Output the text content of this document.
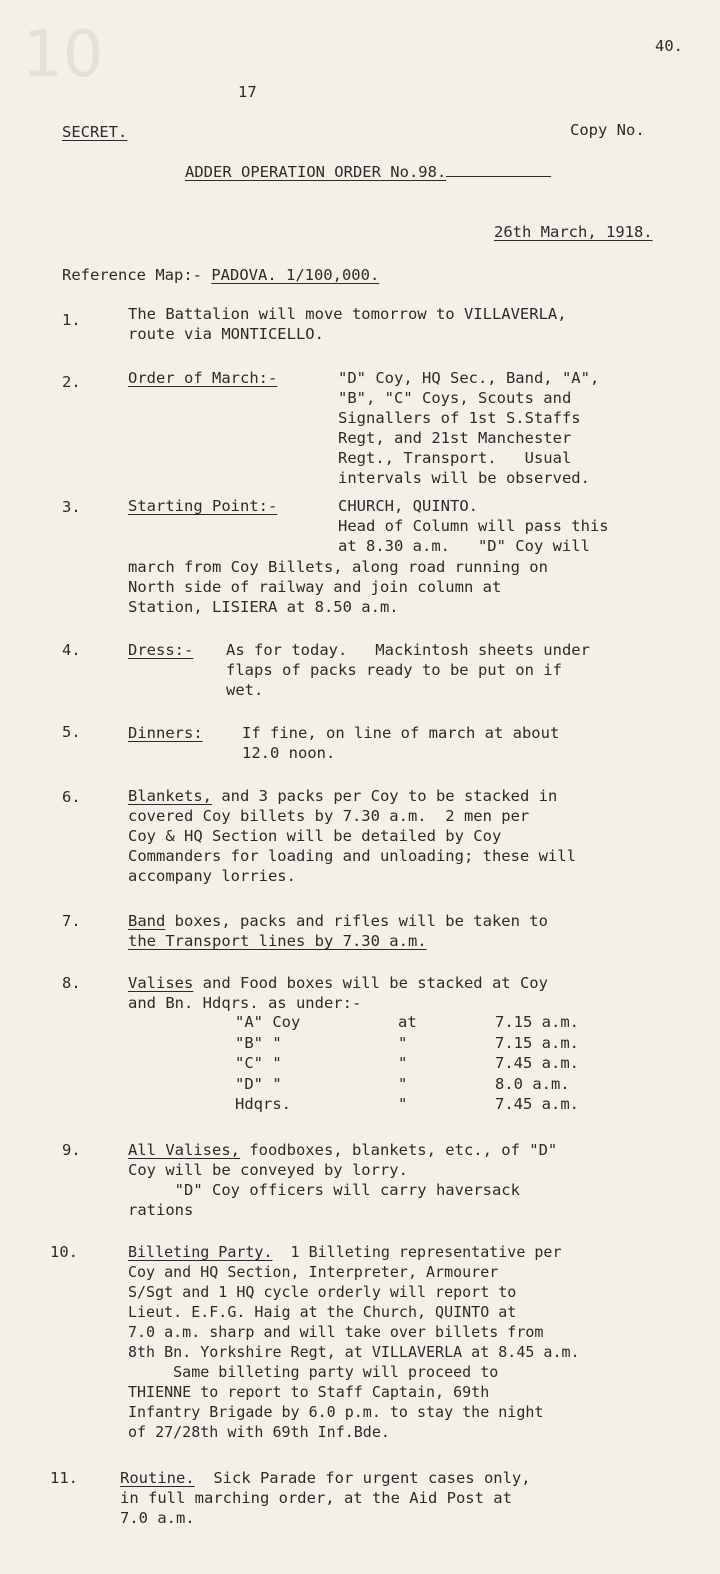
10	40.
17
SECRET.	Copy No.
ADDER OPERATION ORDER No.98.
26th March, 1918.
Reference Map:- PADOVA. 1/100,000.
1.	The Battalion will move tomorrow to VILLAVERLA,
route via MONTICELLO.
2.	Order of March:-	"D" Coy, HQ Sec., Band, "A",
"B", "C" Coys, Scouts and
Signallers of 1st S.Staffs
Regt, and 21st Manchester
Regt., Transport.   Usual
intervals will be observed.
3.	Starting Point:-	CHURCH, QUINTO.
Head of Column will pass this
at 8.30 a.m.   "D" Coy will
march from Coy Billets, along road running on
North side of railway and join column at
Station, LISIERA at 8.50 a.m.
4.	Dress:- As for today.   Mackintosh sheets under
flaps of packs ready to be put on if
wet.
5.	Dinners:	If fine, on line of march at about
12.0 noon.
6.	Blankets, and 3 packs per Coy to be stacked in
covered Coy billets by 7.30 a.m.  2 men per
Coy & HQ Section will be detailed by Coy
Commanders for loading and unloading; these will
accompany lorries.
7.	Band boxes, packs and rifles will be taken to
the Transport lines by 7.30 a.m.
8.	Valises and Food boxes will be stacked at Coy
and Bn. Hdqrs. as under:-
"A" Coy	at	7.15 a.m.
"B" "	"	7.15 a.m.
"C" "	"	7.45 a.m.
"D" "	"	8.0 a.m.
Hdqrs.	"	7.45 a.m.
9.	All Valises, foodboxes, blankets, etc., of "D"
Coy will be conveyed by lorry.
"D" Coy officers will carry haversack
rations
10.	Billeting Party.  1 Billeting representative per
Coy and HQ Section, Interpreter, Armourer
S/Sgt and 1 HQ cycle orderly will report to
Lieut. E.F.G. Haig at the Church, QUINTO at
7.0 a.m. sharp and will take over billets from
8th Bn. Yorkshire Regt, at VILLAVERLA at 8.45 a.m.
Same billeting party will proceed to
THIENNE to report to Staff Captain, 69th
Infantry Brigade by 6.0 p.m. to stay the night
of 27/28th with 69th Inf.Bde.
11.	Routine.  Sick Parade for urgent cases only,
in full marching order, at the Aid Post at
7.0 a.m.
